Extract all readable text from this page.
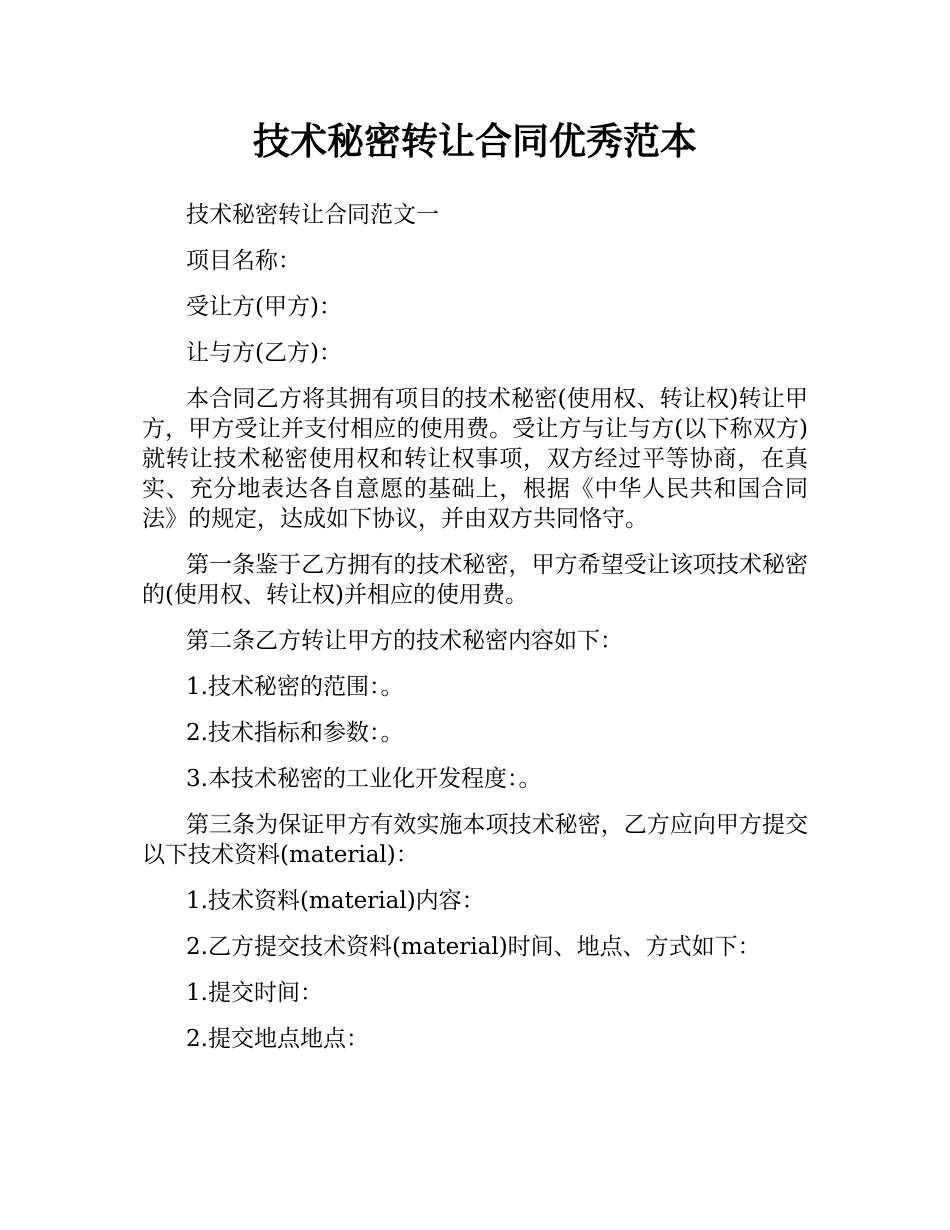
技术秘密转让合同优秀范本

技术秘密转让合同范文一

项目名称：

受让方(甲方)：

让与方(乙方)：

本合同乙方将其拥有项目的技术秘密(使用权、转让权)转让甲方，甲方受让并支付相应的使用费。受让方与让与方(以下称双方)就转让技术秘密使用权和转让权事项，双方经过平等协商，在真实、充分地表达各自意愿的基础上，根据《中华人民共和国合同法》的规定，达成如下协议，并由双方共同恪守。

第一条鉴于乙方拥有的技术秘密，甲方希望受让该项技术秘密的(使用权、转让权)并相应的使用费。

第二条乙方转让甲方的技术秘密内容如下：

1.技术秘密的范围：。

2.技术指标和参数：。

3.本技术秘密的工业化开发程度：。

第三条为保证甲方有效实施本项技术秘密，乙方应向甲方提交以下技术资料(material)：

1.技术资料(material)内容：

2.乙方提交技术资料(material)时间、地点、方式如下：

1.提交时间：

2.提交地点地点：
